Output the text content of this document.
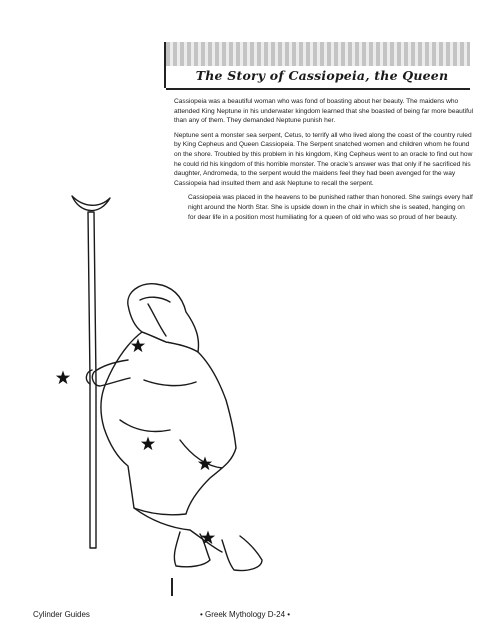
The Story of Cassiopeia, the Queen

Cassiopeia was a beautiful woman who was fond of boasting about her beauty. The maidens who attended King Neptune in his underwater kingdom learned that she boasted of being far more beautiful than any of them. They demanded Neptune punish her.

Neptune sent a monster sea serpent, Cetus, to terrify all who lived along the coast of the country ruled by King Cepheus and Queen Cassiopeia. The Serpent snatched women and children whom he found on the shore. Troubled by this problem in his kingdom, King Cepheus went to an oracle to find out how he could rid his kingdom of this horrible monster. The oracle’s answer was that only if he sacrificed his daughter, Andromeda, to the serpent would the maidens feel they had been avenged for the way Cassiopeia had insulted them and ask Neptune to recall the serpent.

Cassiopeia was placed in the heavens to be punished rather than honored. She swings every half night around the North Star. She is upside down in the chair in which she is seated, hanging on for dear life in a position most humiliating for a queen of old who was so proud of her beauty.

Cylinder Guides	• Greek Mythology D-24 •
